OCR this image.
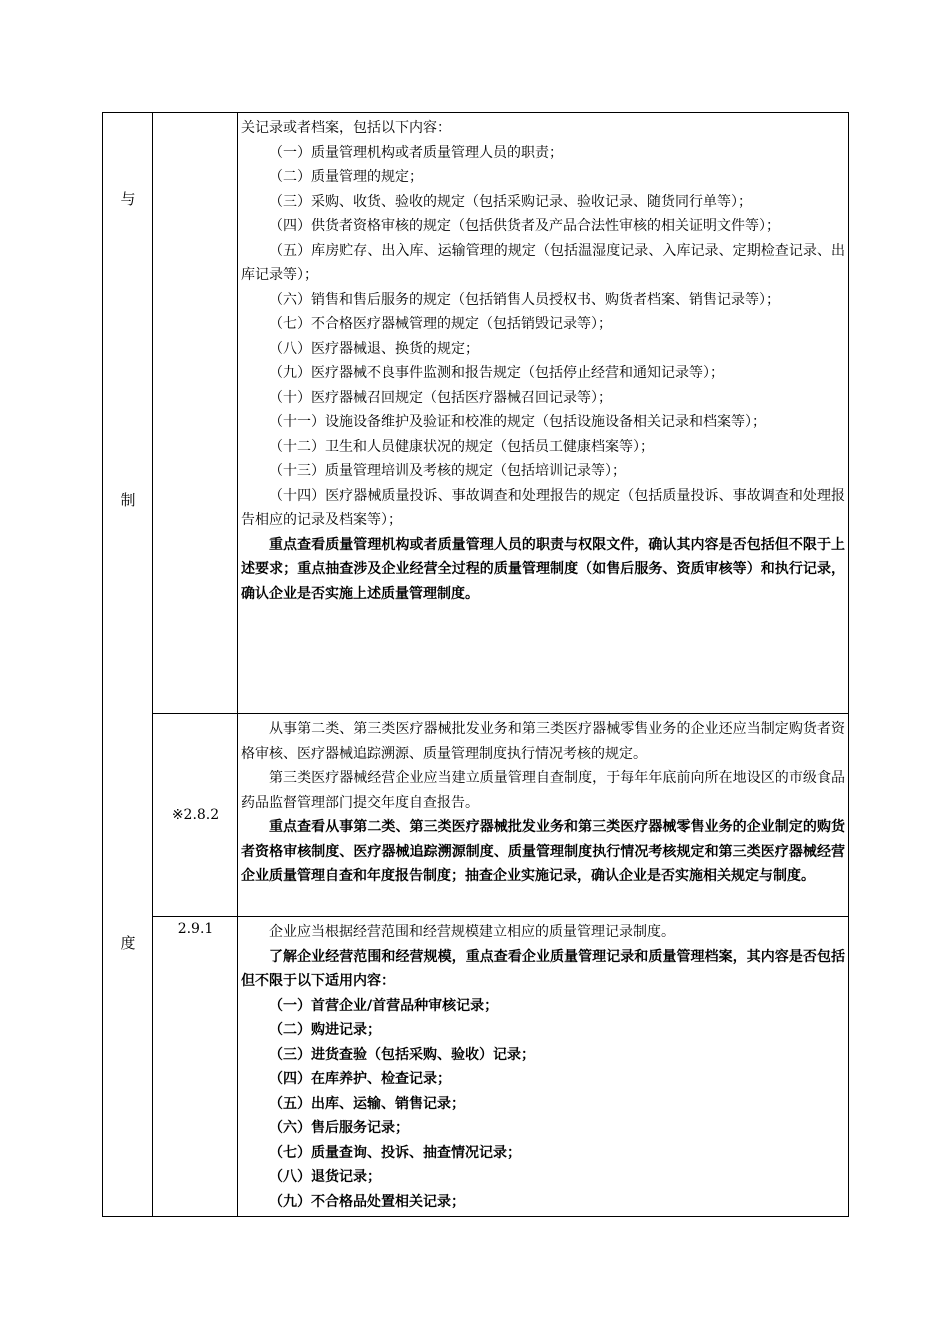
与
制
度
※2.8.2
2.9.1

关记录或者档案，包括以下内容：

（一）质量管理机构或者质量管理人员的职责；

（二）质量管理的规定；

（三）采购、收货、验收的规定（包括采购记录、验收记录、随货同行单等）；

（四）供货者资格审核的规定（包括供货者及产品合法性审核的相关证明文件等）；

（五）库房贮存、出入库、运输管理的规定（包括温湿度记录、入库记录、定期检查记录、出库记录等）；

（六）销售和售后服务的规定（包括销售人员授权书、购货者档案、销售记录等）；

（七）不合格医疗器械管理的规定（包括销毁记录等）；

（八）医疗器械退、换货的规定；

（九）医疗器械不良事件监测和报告规定（包括停止经营和通知记录等）；

（十）医疗器械召回规定（包括医疗器械召回记录等）；

（十一）设施设备维护及验证和校准的规定（包括设施设备相关记录和档案等）；

（十二）卫生和人员健康状况的规定（包括员工健康档案等）；

（十三）质量管理培训及考核的规定（包括培训记录等）；

（十四）医疗器械质量投诉、事故调查和处理报告的规定（包括质量投诉、事故调查和处理报告相应的记录及档案等）；

重点查看质量管理机构或者质量管理人员的职责与权限文件，确认其内容是否包括但不限于上述要求；重点抽查涉及企业经营全过程的质量管理制度（如售后服务、资质审核等）和执行记录，确认企业是否实施上述质量管理制度。

从事第二类、第三类医疗器械批发业务和第三类医疗器械零售业务的企业还应当制定购货者资格审核、医疗器械追踪溯源、质量管理制度执行情况考核的规定。

第三类医疗器械经营企业应当建立质量管理自查制度，于每年年底前向所在地设区的市级食品药品监督管理部门提交年度自查报告。

重点查看从事第二类、第三类医疗器械批发业务和第三类医疗器械零售业务的企业制定的购货者资格审核制度、医疗器械追踪溯源制度、质量管理制度执行情况考核规定和第三类医疗器械经营企业质量管理自查和年度报告制度；抽查企业实施记录，确认企业是否实施相关规定与制度。

企业应当根据经营范围和经营规模建立相应的质量管理记录制度。

了解企业经营范围和经营规模，重点查看企业质量管理记录和质量管理档案，其内容是否包括但不限于以下适用内容：

（一）首营企业/首营品种审核记录；

（二）购进记录；

（三）进货查验（包括采购、验收）记录；

（四）在库养护、检查记录；

（五）出库、运输、销售记录；

（六）售后服务记录；

（七）质量查询、投诉、抽查情况记录；

（八）退货记录；

（九）不合格品处置相关记录；
